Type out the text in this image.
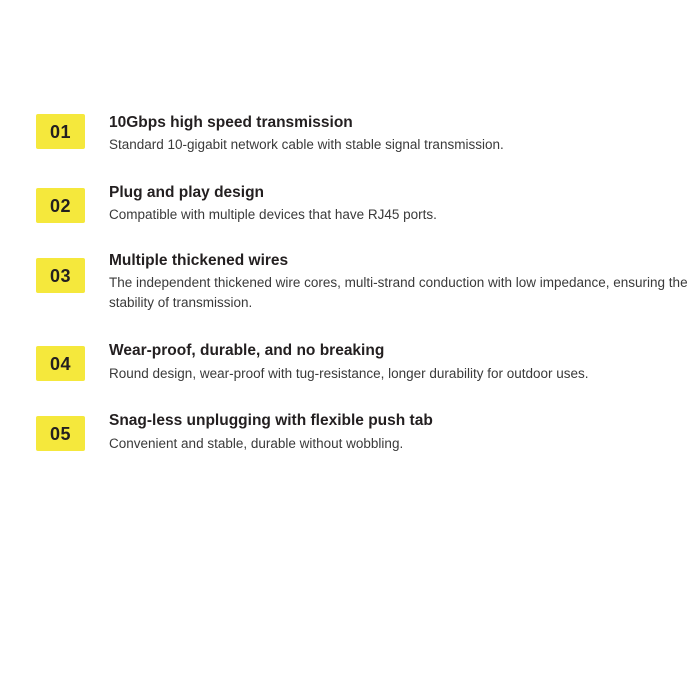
01	10Gbps high speed transmission

Standard 10-gigabit network cable with stable signal transmission.

02

Plug and play design

Compatible with multiple devices that have RJ45 ports.

03

Multiple thickened wires

The independent thickened wire cores, multi-strand conduction with low impedance, ensuring the stability of transmission.

04

Wear-proof, durable, and no breaking

Round design, wear-proof with tug-resistance, longer durability for outdoor uses.

05

Snag-less unplugging with flexible push tab

Convenient and stable, durable without wobbling.
